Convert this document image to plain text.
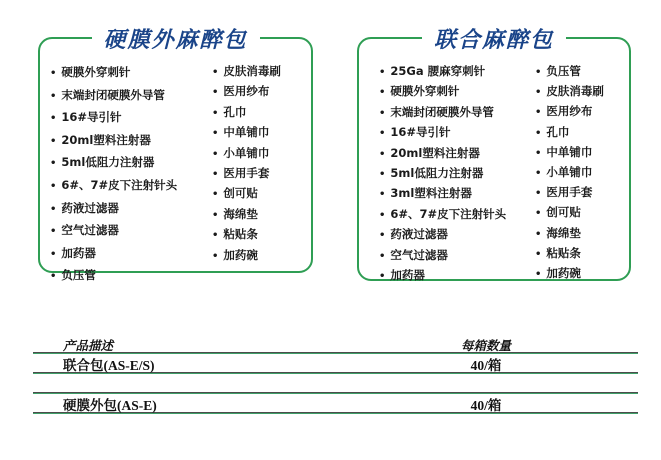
硬膜外麻醉包
• 硬膜外穿刺针
• 末端封闭硬膜外导管
• 16#导引针
• 20ml塑料注射器
• 5ml低阻力注射器
• 6#、7#皮下注射针头
• 药液过滤器
• 空气过滤器
• 加药器
• 负压管
• 皮肤消毒刷
• 医用纱布
• 孔巾
• 中单铺巾
• 小单铺巾
• 医用手套
• 创可贴
• 海绵垫
• 粘贴条
• 加药碗
联合麻醉包
• 25Ga 腰麻穿刺针
• 硬膜外穿刺针
• 末端封闭硬膜外导管
• 16#导引针
• 20ml塑料注射器
• 5ml低阻力注射器
• 3ml塑料注射器
• 6#、7#皮下注射针头
• 药液过滤器
• 空气过滤器
• 加药器
• 负压管
• 皮肤消毒刷
• 医用纱布
• 孔巾
• 中单铺巾
• 小单铺巾
• 医用手套
• 创可贴
• 海绵垫
• 粘贴条
• 加药碗
产品描述	每箱数量
联合包(AS-E/S)	40/箱
硬膜外包(AS-E)	40/箱
